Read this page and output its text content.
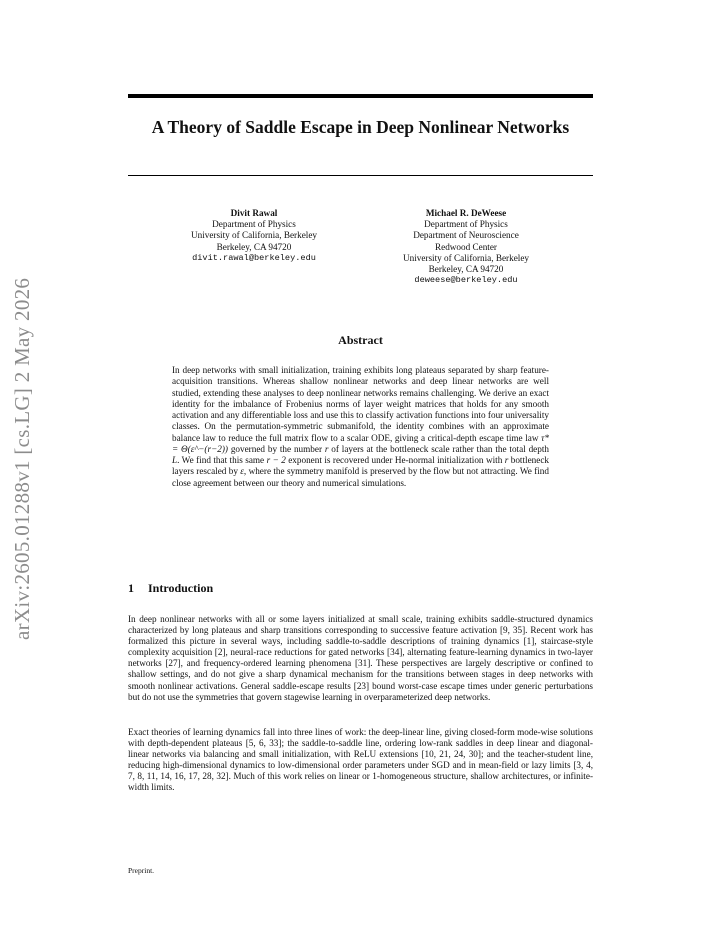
arXiv:2605.01288v1 [cs.LG] 2 May 2026
A Theory of Saddle Escape in Deep Nonlinear Networks
Divit Rawal
Department of Physics
University of California, Berkeley
Berkeley, CA 94720
divit.rawal@berkeley.edu
Michael R. DeWeese
Department of Physics
Department of Neuroscience
Redwood Center
University of California, Berkeley
Berkeley, CA 94720
deweese@berkeley.edu
Abstract
In deep networks with small initialization, training exhibits long plateaus separated by sharp feature-acquisition transitions. Whereas shallow nonlinear networks and deep linear networks are well studied, extending these analyses to deep nonlinear networks remains challenging. We derive an exact identity for the imbalance of Frobenius norms of layer weight matrices that holds for any smooth activation and any differentiable loss and use this to classify activation functions into four universality classes. On the permutation-symmetric submanifold, the identity combines with an approximate balance law to reduce the full matrix flow to a scalar ODE, giving a critical-depth escape time law τ* = Θ(ε^−(r−2)) governed by the number r of layers at the bottleneck scale rather than the total depth L. We find that this same r − 2 exponent is recovered under He-normal initialization with r bottleneck layers rescaled by ε, where the symmetry manifold is preserved by the flow but not attracting. We find close agreement between our theory and numerical simulations.
1 Introduction
In deep nonlinear networks with all or some layers initialized at small scale, training exhibits saddle-structured dynamics characterized by long plateaus and sharp transitions corresponding to successive feature activation [9, 35]. Recent work has formalized this picture in several ways, including saddle-to-saddle descriptions of training dynamics [1], staircase-style complexity acquisition [2], neural-race reductions for gated networks [34], alternating feature-learning dynamics in two-layer networks [27], and frequency-ordered learning phenomena [31]. These perspectives are largely descriptive or confined to shallow settings, and do not give a sharp dynamical mechanism for the transitions between stages in deep networks with smooth nonlinear activations. General saddle-escape results [23] bound worst-case escape times under generic perturbations but do not use the symmetries that govern stagewise learning in overparameterized deep networks.
Exact theories of learning dynamics fall into three lines of work: the deep-linear line, giving closed-form mode-wise solutions with depth-dependent plateaus [5, 6, 33]; the saddle-to-saddle line, ordering low-rank saddles in deep linear and diagonal-linear networks via balancing and small initialization, with ReLU extensions [10, 21, 24, 30]; and the teacher-student line, reducing high-dimensional dynamics to low-dimensional order parameters under SGD and in mean-field or lazy limits [3, 4, 7, 8, 11, 14, 16, 17, 28, 32]. Much of this work relies on linear or 1-homogeneous structure, shallow architectures, or infinite-width limits.
Preprint.
